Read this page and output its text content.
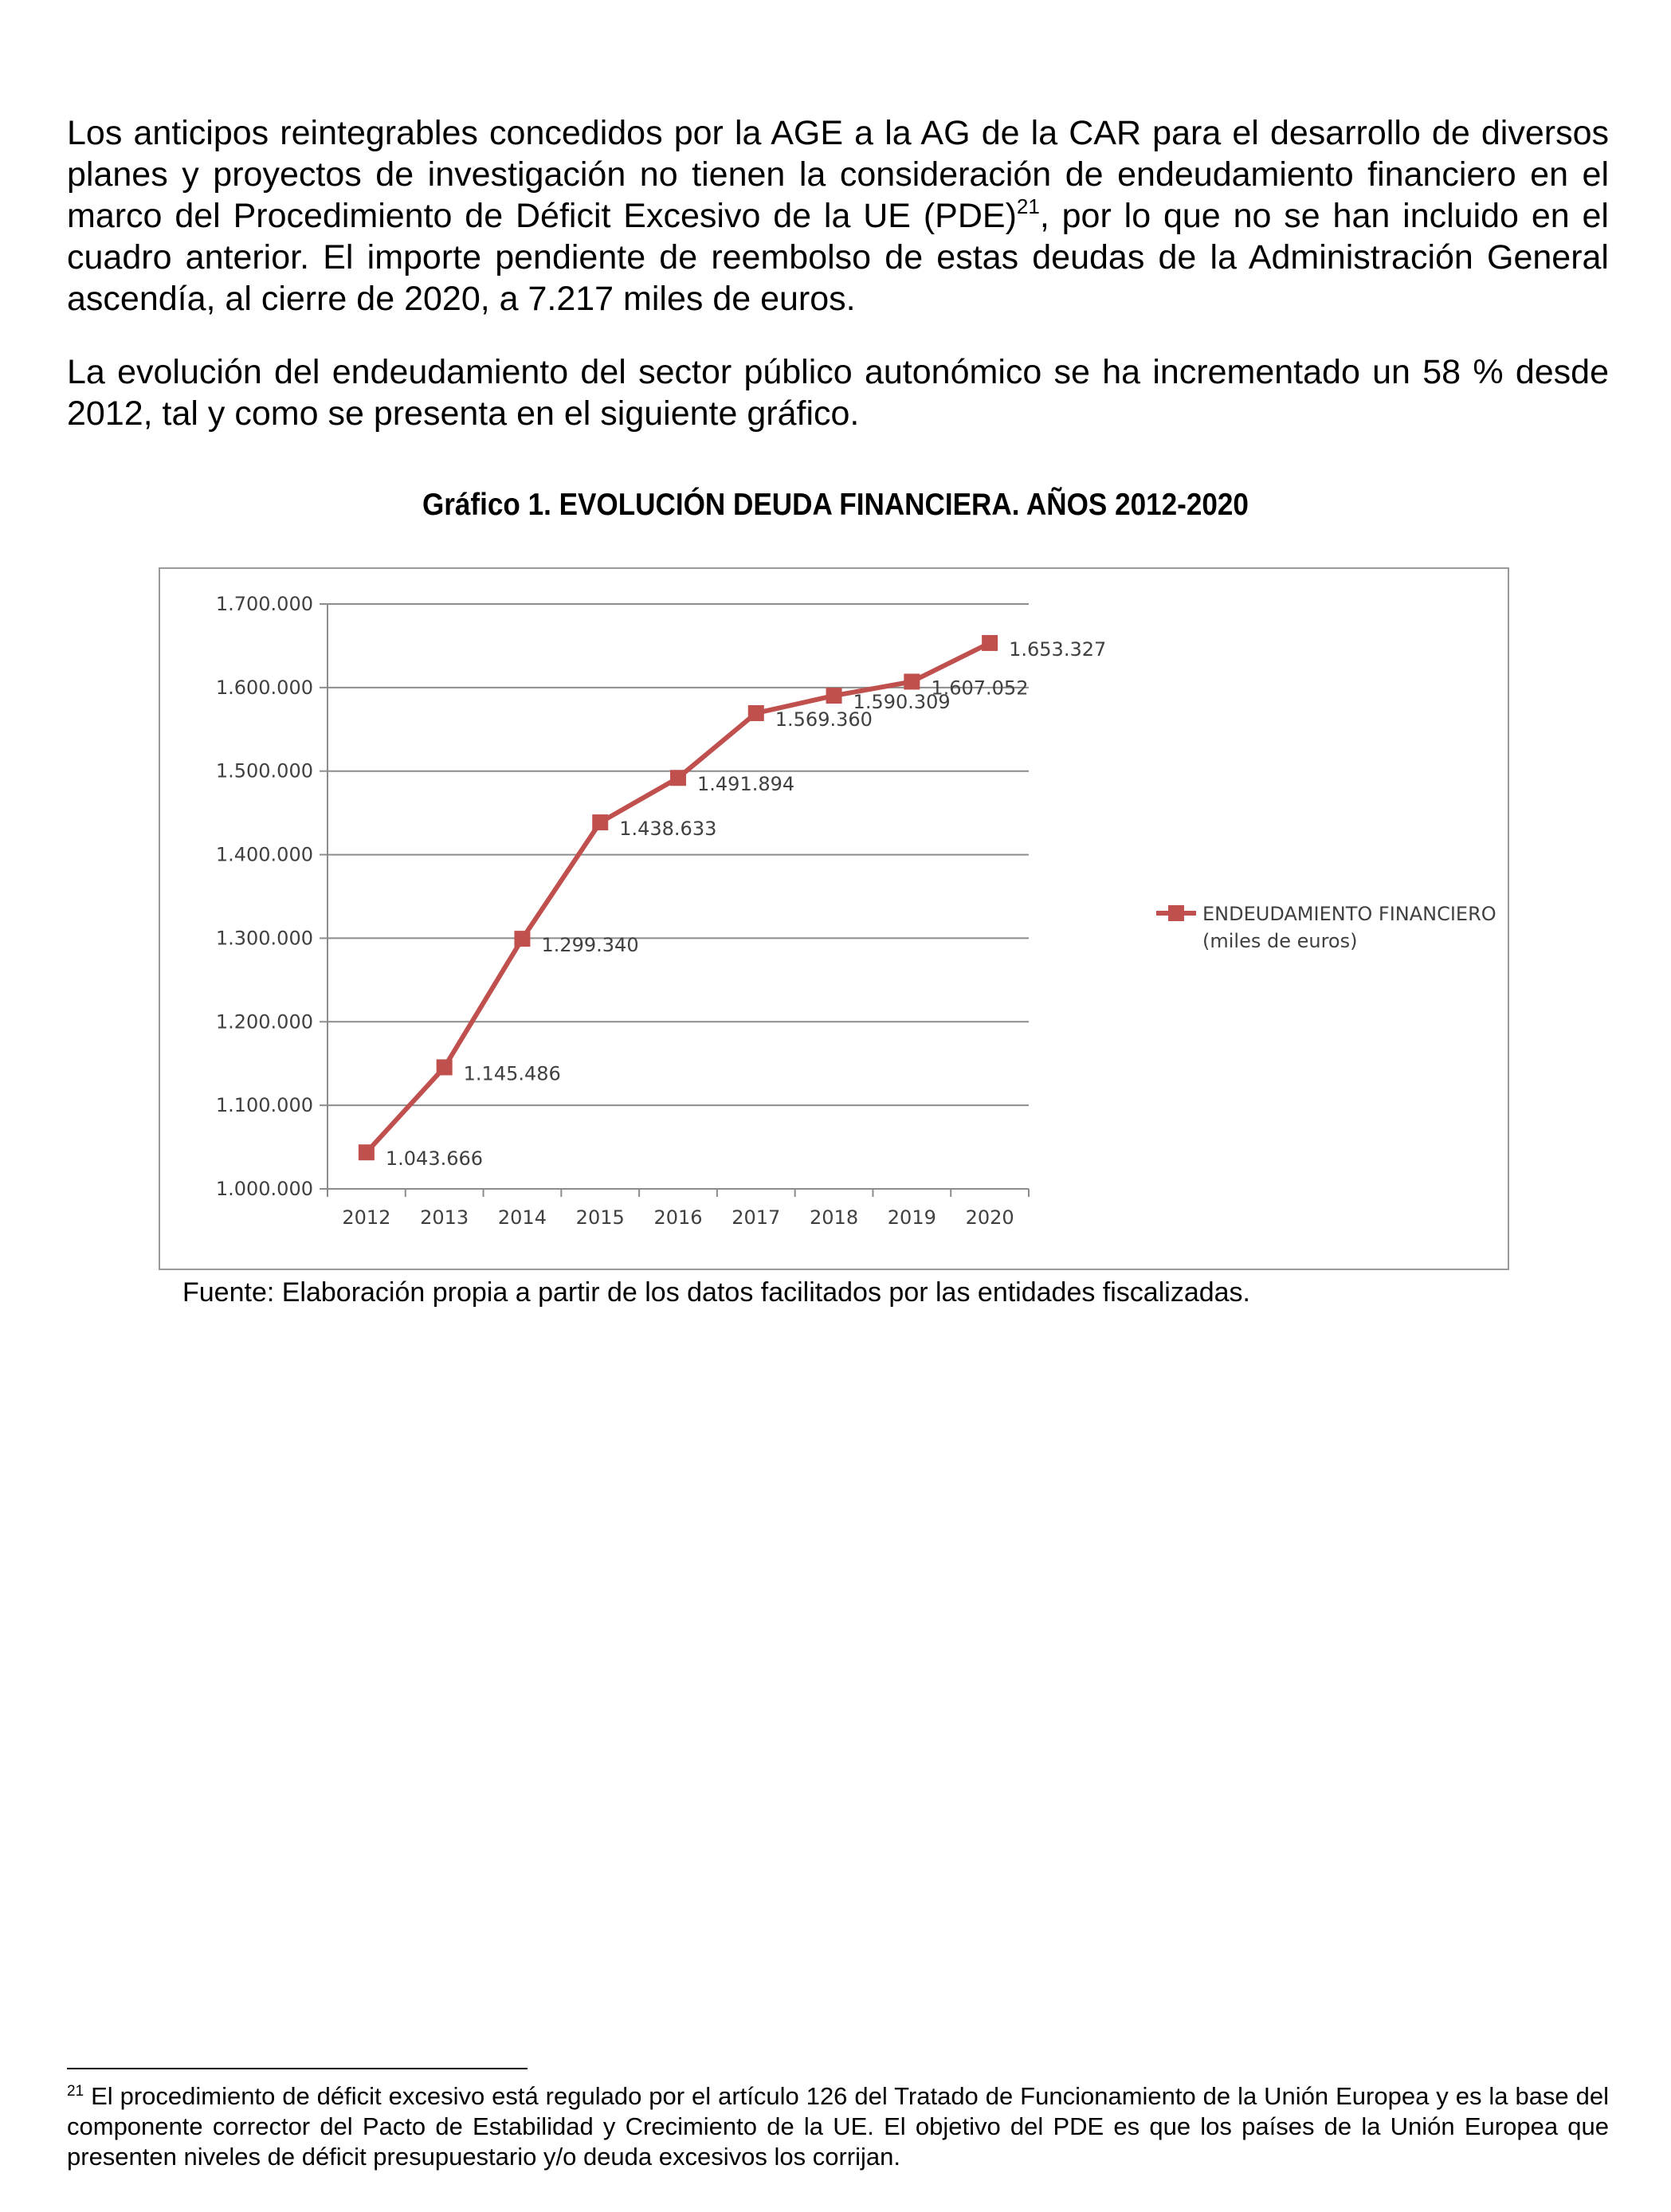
Los anticipos reintegrables concedidos por la AGE a la AG de la CAR para el desarrollo de diversos planes y proyectos de investigación no tienen la consideración de endeudamiento financiero en el marco del Procedimiento de Déficit Excesivo de la UE (PDE)$^{21}$, por lo que no se han incluido en el cuadro anterior. El importe pendiente de reembolso de estas deudas de la Administración General ascendía, al cierre de 2020, a 7.217 miles de euros.

La evolución del endeudamiento del sector público autonómico se ha incrementado un 58 % desde 2012, tal y como se presenta en el siguiente gráfico.

Gráfico 1. EVOLUCIÓN DEUDA FINANCIERA. AÑOS 2012-2020
1.000.000
1.100.000
1.200.000
1.300.000
1.400.000
1.500.000
1.600.000
1.700.000
2012 2013 2014 2015 2016 2017 2018 2019 2020
1.043.666
1.145.486
1.299.340
1.438.633
1.491.894
1.569.360
1.590.309
1.607.052
1.653.327
ENDEUDAMIENTO FINANCIERO
(miles de euros)

Fuente: Elaboración propia a partir de los datos facilitados por las entidades fiscalizadas.

$^{21}$ El procedimiento de déficit excesivo está regulado por el artículo 126 del Tratado de Funcionamiento de la Unión Europea y es la base del componente corrector del Pacto de Estabilidad y Crecimiento de la UE. El objetivo del PDE es que los países de la Unión Europea que presenten niveles de déficit presupuestario y/o deuda excesivos los corrijan.
